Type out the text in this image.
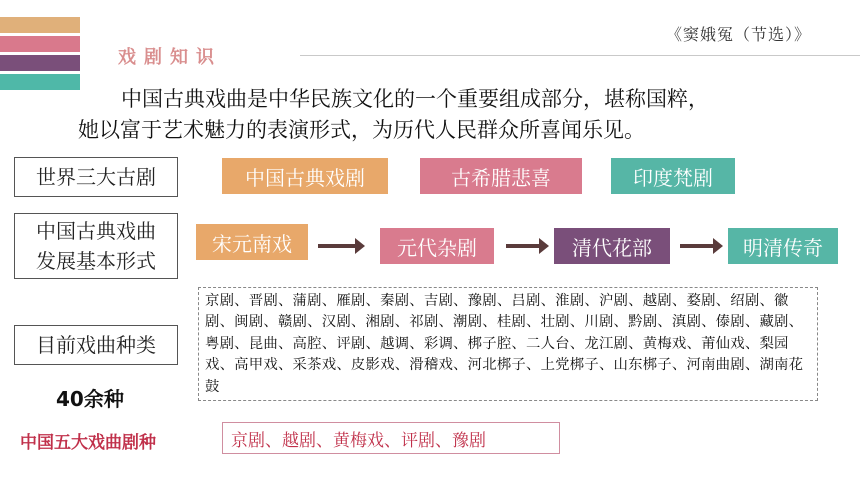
戏剧知识
《窦娥冤（节选）》
中国古典戏曲是中华民族文化的一个重要组成部分，堪称国粹，
她以富于艺术魅力的表演形式，为历代人民群众所喜闻乐见。
世界三大古剧	中国古典戏剧	古希腊悲喜	印度梵剧
中国古典戏曲
发展基本形式
宋元南戏	元代杂剧	清代花部	明清传奇
京剧、晋剧、蒲剧、雁剧、秦剧、吉剧、豫剧、吕剧、淮剧、沪剧、越剧、婺剧、绍剧、徽剧、闽剧、赣剧、汉剧、湘剧、祁剧、潮剧、桂剧、壮剧、川剧、黔剧、滇剧、傣剧、藏剧、粤剧、昆曲、高腔、评剧、越调、彩调、梆子腔、二人台、龙江剧、黄梅戏、莆仙戏、梨园戏、高甲戏、采茶戏、皮影戏、滑稽戏、河北梆子、上党梆子、山东梆子、河南曲剧、湖南花鼓
目前戏曲种类
40余种
中国五大戏曲剧种	京剧、越剧、黄梅戏、评剧、豫剧
